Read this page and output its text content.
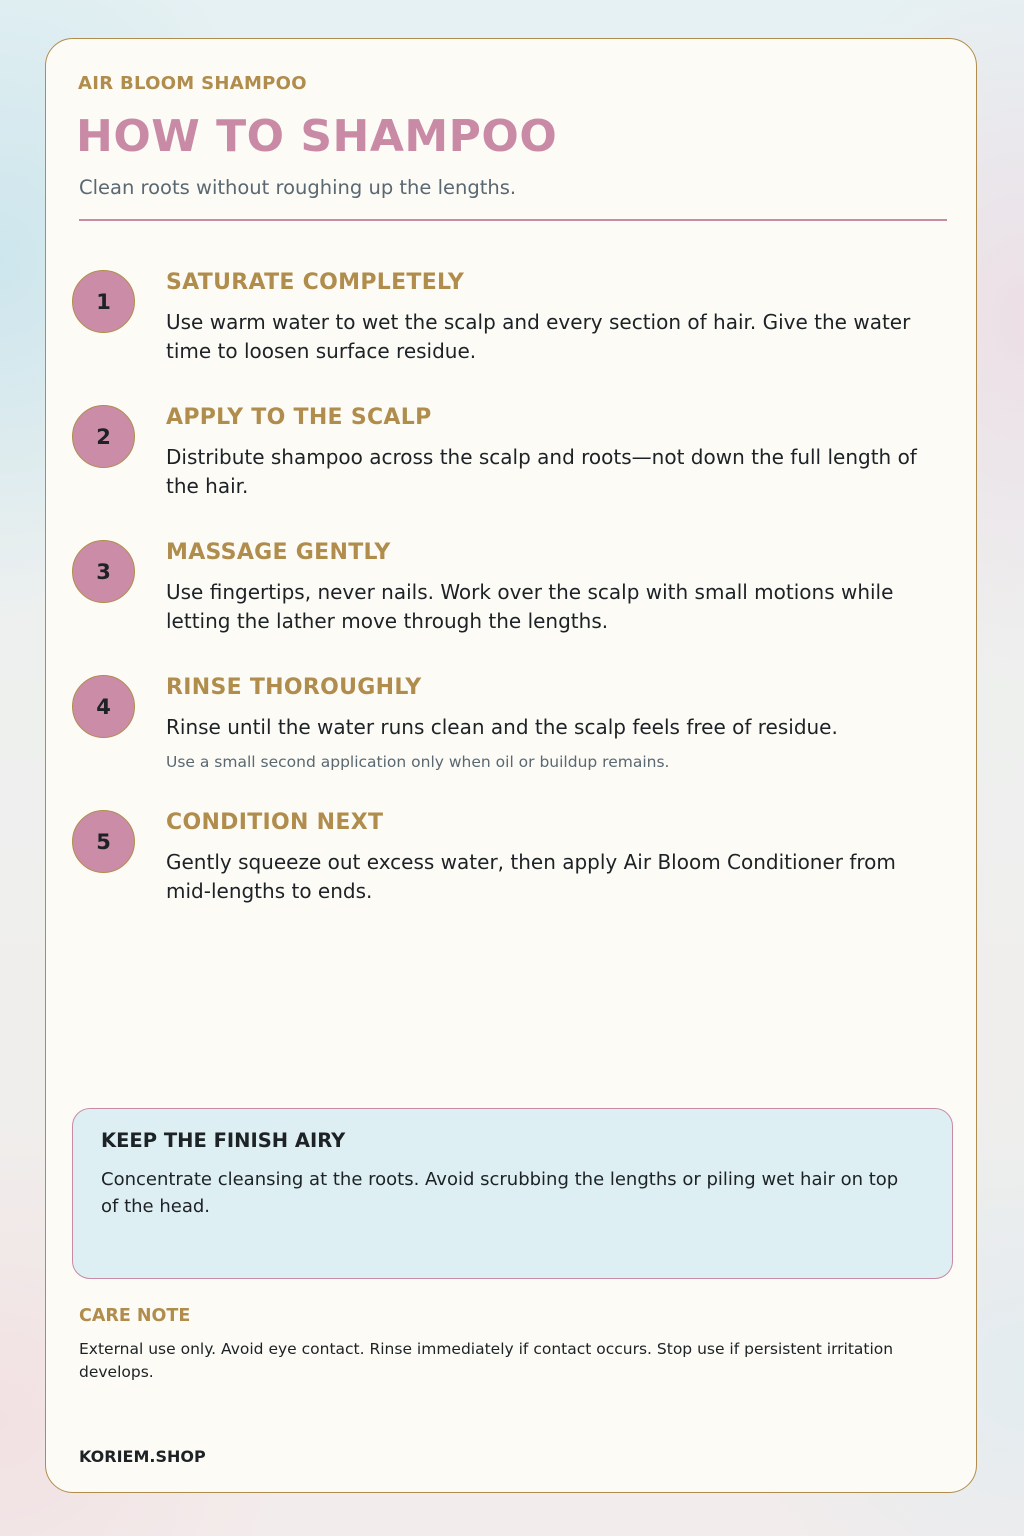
AIR BLOOM SHAMPOO

HOW TO SHAMPOO

Clean roots without roughing up the lengths.

1
SATURATE COMPLETELY

Use warm water to wet the scalp and every section of hair. Give the water time to loosen surface residue.

2
APPLY TO THE SCALP

Distribute shampoo across the scalp and roots—not down the full length of the hair.

3
MASSAGE GENTLY

Use fingertips, never nails. Work over the scalp with small motions while letting the lather move through the lengths.

4
RINSE THOROUGHLY

Rinse until the water runs clean and the scalp feels free of residue.

Use a small second application only when oil or buildup remains.

5
CONDITION NEXT

Gently squeeze out excess water, then apply Air Bloom Conditioner from mid-lengths to ends.

KEEP THE FINISH AIRY

Concentrate cleansing at the roots. Avoid scrubbing the lengths or piling wet hair on top of the head.

CARE NOTE

External use only. Avoid eye contact. Rinse immediately if contact occurs. Stop use if persistent irritation develops.

KORIEM.SHOP
